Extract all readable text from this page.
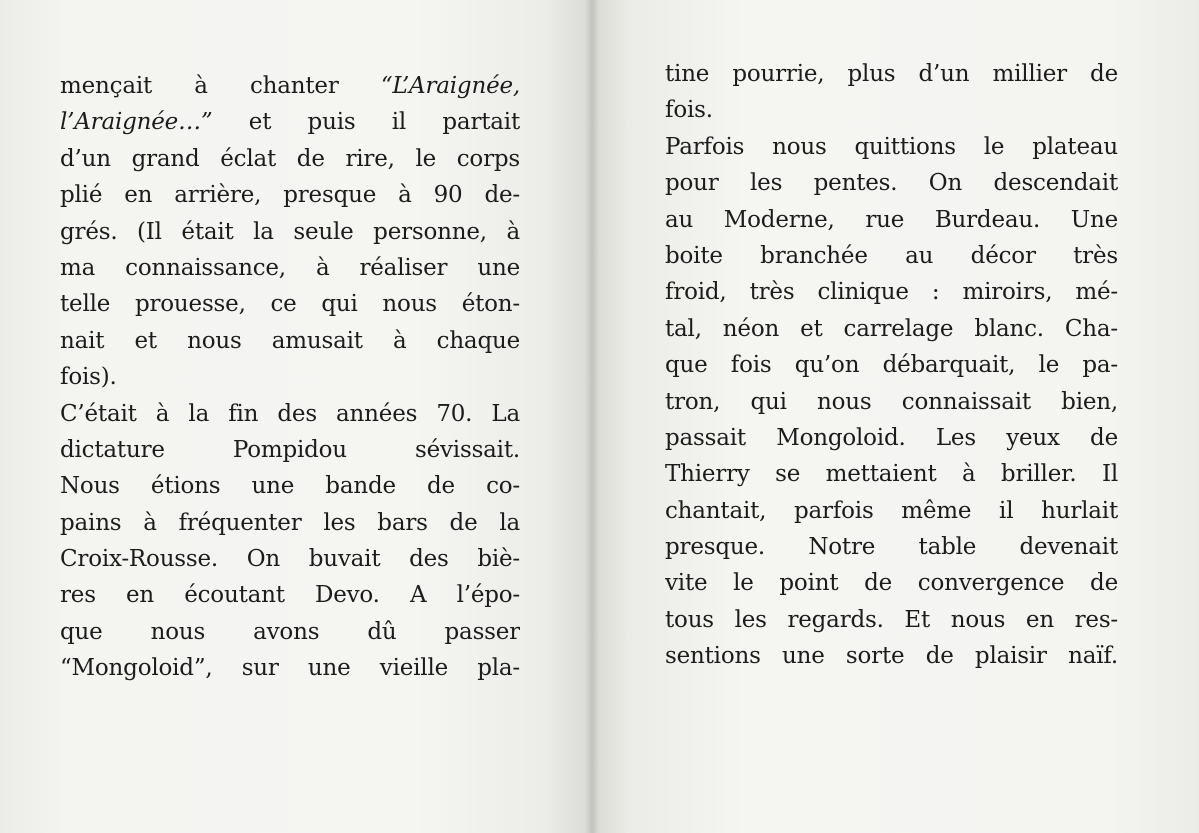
mençait à chanter “L’Araignée,
l’Araignée…” et puis il partait
d’un grand éclat de rire, le corps
plié en arrière, presque à 90 de-
grés. (Il était la seule personne, à
ma connaissance, à réaliser une
telle prouesse, ce qui nous éton-
nait et nous amusait à chaque
fois).
C’était à la fin des années 70. La
dictature Pompidou sévissait.
Nous étions une bande de co-
pains à fréquenter les bars de la
Croix-Rousse. On buvait des biè-
res en écoutant Devo. A l’épo-
que nous avons dû passer
“Mongoloid”, sur une vieille pla-
tine pourrie, plus d’un millier de
fois.
Parfois nous quittions le plateau
pour les pentes. On descendait
au Moderne, rue Burdeau. Une
boite branchée au décor très
froid, très clinique : miroirs, mé-
tal, néon et carrelage blanc. Cha-
que fois qu’on débarquait, le pa-
tron, qui nous connaissait bien,
passait Mongoloid. Les yeux de
Thierry se mettaient à briller. Il
chantait, parfois même il hurlait
presque. Notre table devenait
vite le point de convergence de
tous les regards. Et nous en res-
sentions une sorte de plaisir naïf.
